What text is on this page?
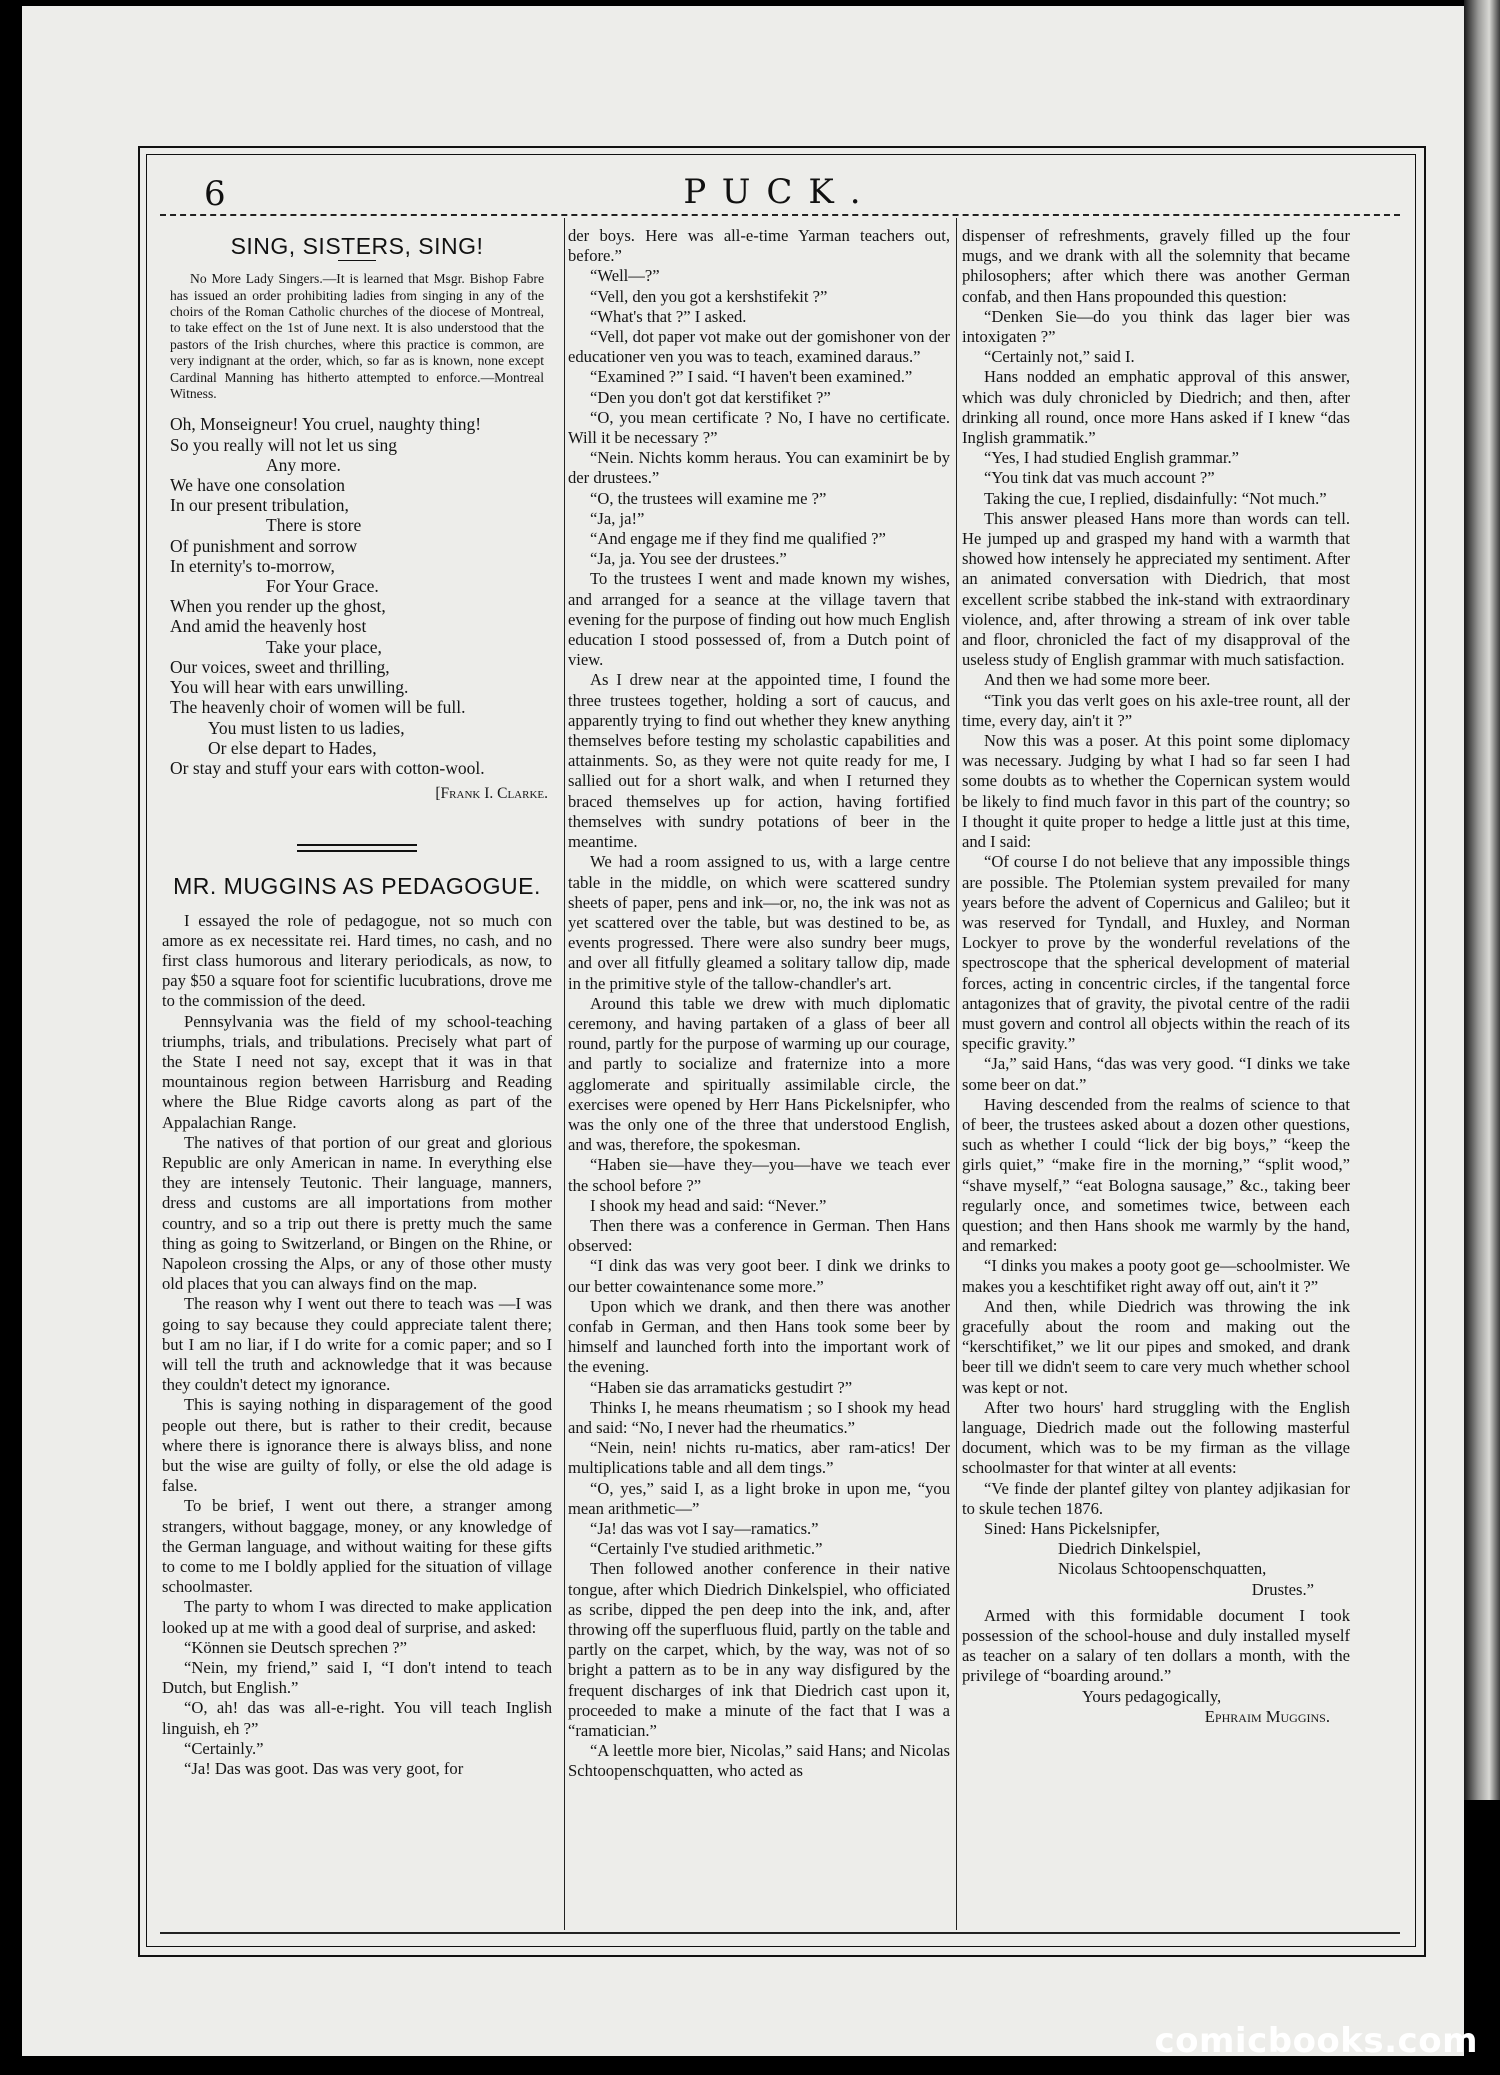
6	PUCK.
SING, SISTERS, SING!

No More Lady Singers.—It is learned that Msgr. Bishop Fabre has issued an order prohibiting ladies from singing in any of the choirs of the Roman Catholic churches of the diocese of Montreal, to take effect on the 1st of June next. It is also understood that the pastors of the Irish churches, where this practice is common, are very indignant at the order, which, so far as is known, none except Cardinal Manning has hitherto attempted to enforce.—Montreal Witness.

Oh, Monseigneur! You cruel, naughty thing!
So you really will not let us sing
Any more.
We have one consolation
In our present tribulation,
There is store
Of punishment and sorrow
In eternity's to-morrow,
For Your Grace.
When you render up the ghost,
And amid the heavenly host
Take your place,
Our voices, sweet and thrilling,
You will hear with ears unwilling.
The heavenly choir of women will be full.
You must listen to us ladies,
Or else depart to Hades,
Or stay and stuff your ears with cotton-wool.
[Frank I. Clarke.
MR. MUGGINS AS PEDAGOGUE.

I essayed the role of pedagogue, not so much con amore as ex necessitate rei. Hard times, no cash, and no first class humorous and literary periodicals, as now, to pay $50 a square foot for scientific lucubrations, drove me to the commission of the deed.

Pennsylvania was the field of my school-teaching triumphs, trials, and tribulations. Precisely what part of the State I need not say, except that it was in that mountainous region between Harrisburg and Reading where the Blue Ridge cavorts along as part of the Appalachian Range.

The natives of that portion of our great and glorious Republic are only American in name. In everything else they are intensely Teutonic. Their language, manners, dress and customs are all importations from mother country, and so a trip out there is pretty much the same thing as going to Switzerland, or Bingen on the Rhine, or Napoleon crossing the Alps, or any of those other musty old places that you can always find on the map.

The reason why I went out there to teach was —I was going to say because they could appreciate talent there; but I am no liar, if I do write for a comic paper; and so I will tell the truth and acknowledge that it was because they couldn't detect my ignorance.

This is saying nothing in disparagement of the good people out there, but is rather to their credit, because where there is ignorance there is always bliss, and none but the wise are guilty of folly, or else the old adage is false.

To be brief, I went out there, a stranger among strangers, without baggage, money, or any knowledge of the German language, and without waiting for these gifts to come to me I boldly applied for the situation of village schoolmaster.

The party to whom I was directed to make application looked up at me with a good deal of surprise, and asked:

“Können sie Deutsch sprechen ?”

“Nein, my friend,” said I, “I don't intend to teach Dutch, but English.”

“O, ah! das was all-e-right. You vill teach Inglish linguish, eh ?”

“Certainly.”

“Ja! Das was goot. Das was very goot, for

der boys. Here was all-e-time Yarman teachers out, before.”

“Well—?”

“Vell, den you got a kershstifekit ?”

“What's that ?” I asked.

“Vell, dot paper vot make out der gomishoner von der educationer ven you was to teach, examined daraus.”

“Examined ?” I said. “I haven't been examined.”

“Den you don't got dat kerstifiket ?”

“O, you mean certificate ? No, I have no certificate. Will it be necessary ?”

“Nein. Nichts komm heraus. You can examinirt be by der drustees.”

“O, the trustees will examine me ?”

“Ja, ja!”

“And engage me if they find me qualified ?”

“Ja, ja. You see der drustees.”

To the trustees I went and made known my wishes, and arranged for a seance at the village tavern that evening for the purpose of finding out how much English education I stood possessed of, from a Dutch point of view.

As I drew near at the appointed time, I found the three trustees together, holding a sort of caucus, and apparently trying to find out whether they knew anything themselves before testing my scholastic capabilities and attainments. So, as they were not quite ready for me, I sallied out for a short walk, and when I returned they braced themselves up for action, having fortified themselves with sundry potations of beer in the meantime.

We had a room assigned to us, with a large centre table in the middle, on which were scattered sundry sheets of paper, pens and ink—or, no, the ink was not as yet scattered over the table, but was destined to be, as events progressed. There were also sundry beer mugs, and over all fitfully gleamed a solitary tallow dip, made in the primitive style of the tallow-chandler's art.

Around this table we drew with much diplomatic ceremony, and having partaken of a glass of beer all round, partly for the purpose of warming up our courage, and partly to socialize and fraternize into a more agglomerate and spiritually assimilable circle, the exercises were opened by Herr Hans Pickelsnipfer, who was the only one of the three that understood English, and was, therefore, the spokesman.

“Haben sie—have they—you—have we teach ever the school before ?”

I shook my head and said: “Never.”

Then there was a conference in German. Then Hans observed:

“I dink das was very goot beer. I dink we drinks to our better cowaintenance some more.”

Upon which we drank, and then there was another confab in German, and then Hans took some beer by himself and launched forth into the important work of the evening.

“Haben sie das arramaticks gestudirt ?”

Thinks I, he means rheumatism ; so I shook my head and said: “No, I never had the rheumatics.”

“Nein, nein! nichts ru-matics, aber ram-atics! Der multiplications table and all dem tings.”

“O, yes,” said I, as a light broke in upon me, “you mean arithmetic—”

“Ja! das was vot I say—ramatics.”

“Certainly I've studied arithmetic.”

Then followed another conference in their native tongue, after which Diedrich Dinkelspiel, who officiated as scribe, dipped the pen deep into the ink, and, after throwing off the superfluous fluid, partly on the table and partly on the carpet, which, by the way, was not of so bright a pattern as to be in any way disfigured by the frequent discharges of ink that Diedrich cast upon it, proceeded to make a minute of the fact that I was a “ramatician.”

“A leettle more bier, Nicolas,” said Hans; and Nicolas Schtoopenschquatten, who acted as

dispenser of refreshments, gravely filled up the four mugs, and we drank with all the solemnity that became philosophers; after which there was another German confab, and then Hans propounded this question:

“Denken Sie—do you think das lager bier was intoxigaten ?”

“Certainly not,” said I.

Hans nodded an emphatic approval of this answer, which was duly chronicled by Diedrich; and then, after drinking all round, once more Hans asked if I knew “das Inglish grammatik.”

“Yes, I had studied English grammar.”

“You tink dat vas much account ?”

Taking the cue, I replied, disdainfully: “Not much.”

This answer pleased Hans more than words can tell. He jumped up and grasped my hand with a warmth that showed how intensely he appreciated my sentiment. After an animated conversation with Diedrich, that most excellent scribe stabbed the ink-stand with extraordinary violence, and, after throwing a stream of ink over table and floor, chronicled the fact of my disapproval of the useless study of English grammar with much satisfaction.

And then we had some more beer.

“Tink you das verlt goes on his axle-tree rount, all der time, every day, ain't it ?”

Now this was a poser. At this point some diplomacy was necessary. Judging by what I had so far seen I had some doubts as to whether the Copernican system would be likely to find much favor in this part of the country; so I thought it quite proper to hedge a little just at this time, and I said:

“Of course I do not believe that any impossible things are possible. The Ptolemian system prevailed for many years before the advent of Copernicus and Galileo; but it was reserved for Tyndall, and Huxley, and Norman Lockyer to prove by the wonderful revelations of the spectroscope that the spherical development of material forces, acting in concentric circles, if the tangental force antagonizes that of gravity, the pivotal centre of the radii must govern and control all objects within the reach of its specific gravity.”

“Ja,” said Hans, “das was very good. “I dinks we take some beer on dat.”

Having descended from the realms of science to that of beer, the trustees asked about a dozen other questions, such as whether I could “lick der big boys,” “keep the girls quiet,” “make fire in the morning,” “split wood,” “shave myself,” “eat Bologna sausage,” &c., taking beer regularly once, and sometimes twice, between each question; and then Hans shook me warmly by the hand, and remarked:

“I dinks you makes a pooty goot ge—schoolmister. We makes you a keschtifiket right away off out, ain't it ?”

And then, while Diedrich was throwing the ink gracefully about the room and making out the “kerschtifiket,” we lit our pipes and smoked, and drank beer till we didn't seem to care very much whether school was kept or not.

After two hours' hard struggling with the English language, Diedrich made out the following masterful document, which was to be my firman as the village schoolmaster for that winter at all events:

“Ve finde der plantef giltey von plantey adjikasian for to skule techen 1876.

Sined: Hans Pickelsnipfer,

Diedrich Dinkelspiel,

Nicolaus Schtoopenschquatten,

Drustes.”

Armed with this formidable document I took possession of the school-house and duly installed myself as teacher on a salary of ten dollars a month, with the privilege of “boarding around.”

Yours pedagogically,

Ephraim Muggins.

comicbooks.com
